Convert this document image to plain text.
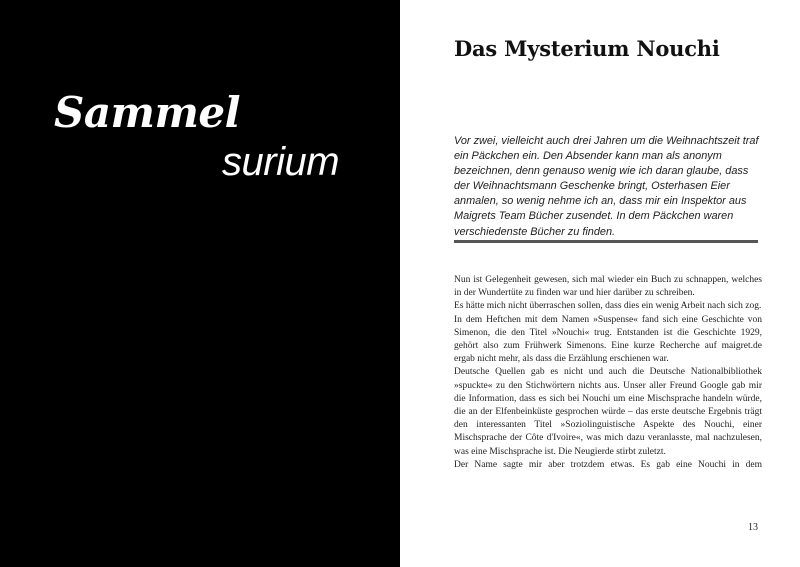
Sammel
surium
Das Mysterium Nouchi

Vor zwei, vielleicht auch drei Jahren um die Weihnachtszeit traf ein Päckchen ein. Den Absender kann man als anonym bezeichnen, denn genauso wenig wie ich daran glaube, dass der Weihnachtsmann Geschenke bringt, Osterhasen Eier anmalen, so wenig nehme ich an, dass mir ein Inspektor aus Maigrets Team Bücher zusendet. In dem Päckchen waren verschiedenste Bücher zu finden.

Nun ist Gelegenheit gewesen, sich mal wieder ein Buch zu schnappen, welches in der Wundertüte zu finden war und hier darüber zu schreiben.

Es hätte mich nicht überraschen sollen, dass dies ein wenig Arbeit nach sich zog.

In dem Heftchen mit dem Namen »Suspense« fand sich eine Geschichte von Simenon, die den Titel »Nouchi« trug. Entstanden ist die Geschichte 1929, gehört also zum Frühwerk Simenons. Eine kurze Recherche auf maigret.de ergab nicht mehr, als dass die Erzählung erschienen war.

Deutsche Quellen gab es nicht und auch die Deutsche Nationalbibliothek »spuckte« zu den Stichwörtern nichts aus. Unser aller Freund Google gab mir die Information, dass es sich bei Nouchi um eine Mischsprache handeln würde, die an der Elfenbeinküste gesprochen würde – das erste deutsche Ergebnis trägt den interessanten Titel »Soziolinguistische Aspekte des Nouchi, einer Mischsprache der Côte d'Ivoire«, was mich dazu veranlasste, mal nachzulesen, was eine Mischsprache ist. Die Neugierde stirbt zuletzt.

Der Name sagte mir aber trotzdem etwas. Es gab eine Nouchi in dem

13
